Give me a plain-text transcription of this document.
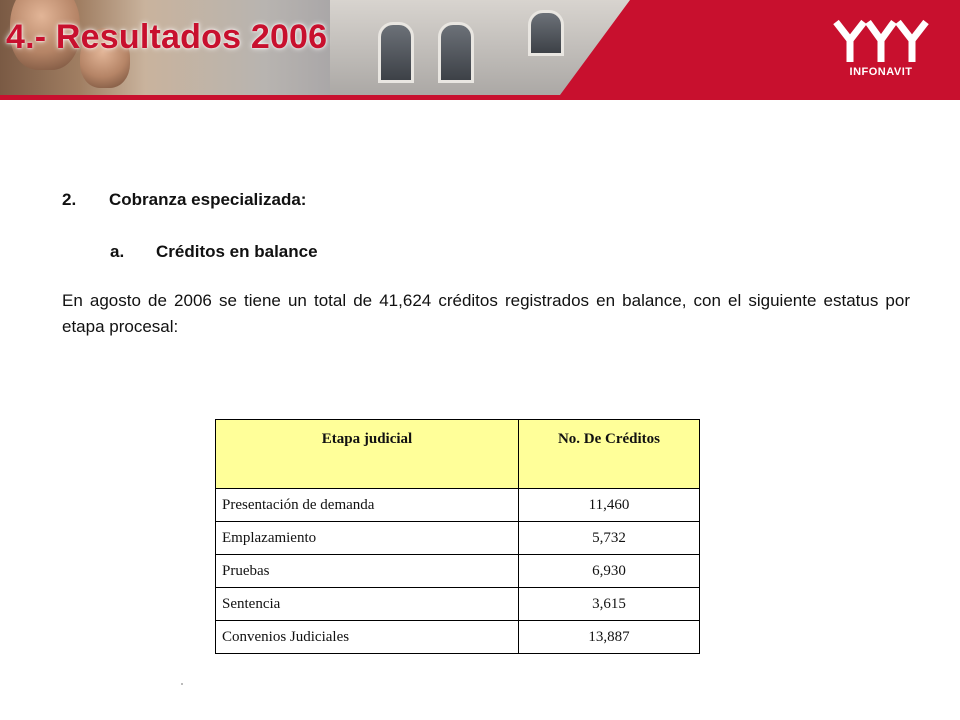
INFONAVIT
4.- Resultados 2006
2. Cobranza especializada:
a. Créditos en balance

En agosto de 2006 se tiene un total de 41,624 créditos registrados en balance, con el siguiente estatus por etapa procesal:

Etapa judicial	No. De Créditos
Presentación de demanda	11,460
Emplazamiento	5,732
Pruebas	6,930
Sentencia	3,615
Convenios Judiciales	13,887
